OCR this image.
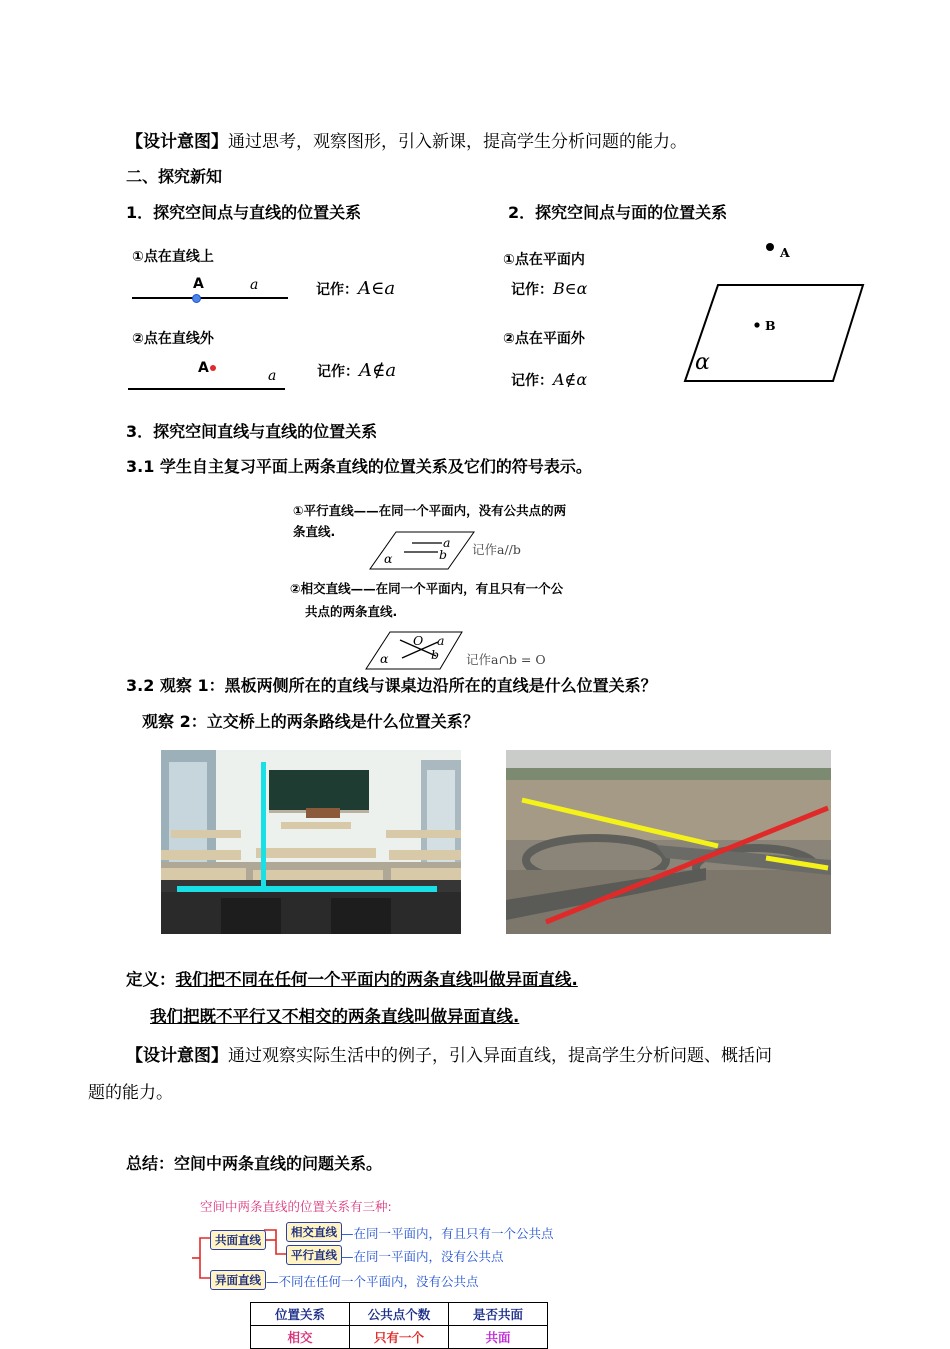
【设计意图】通过思考，观察图形，引入新课，提高学生分析问题的能力。
二、探究新知
1．探究空间点与直线的位置关系	2．探究空间点与面的位置关系
①点在直线上
A	a	记作：A∈a
②点在直线外
A	a	记作：A∉a
①点在平面内
记作：B∈α
②点在平面外
记作：A∉α
A
B
α
3．探究空间直线与直线的位置关系
3.1 学生自主复习平面上两条直线的位置关系及它们的符号表示。
①平行直线——在同一个平面内，没有公共点的两
条直线.
α
a
b 记作a//b
②相交直线——在同一个平面内，有且只有一个公
共点的两条直线.
α
O a
b 记作a∩b = O
3.2 观察 1：黑板两侧所在的直线与课桌边沿所在的直线是什么位置关系？
观察 2：立交桥上的两条路线是什么位置关系？
定义：我们把不同在任何一个平面内的两条直线叫做异面直线.
我们把既不平行又不相交的两条直线叫做异面直线.
【设计意图】通过观察实际生活中的例子，引入异面直线，提高学生分析问题、概括问
题的能力。
总结：空间中两条直线的问题关系。
空间中两条直线的位置关系有三种:
共面直线
相交直线 —在同一平面内，有且只有一个公共点
平行直线 —在同一平面内，没有公共点
异面直线 —不同在任何一个平面内，没有公共点
位置关系	公共点个数	是否共面
相交	只有一个	共面
